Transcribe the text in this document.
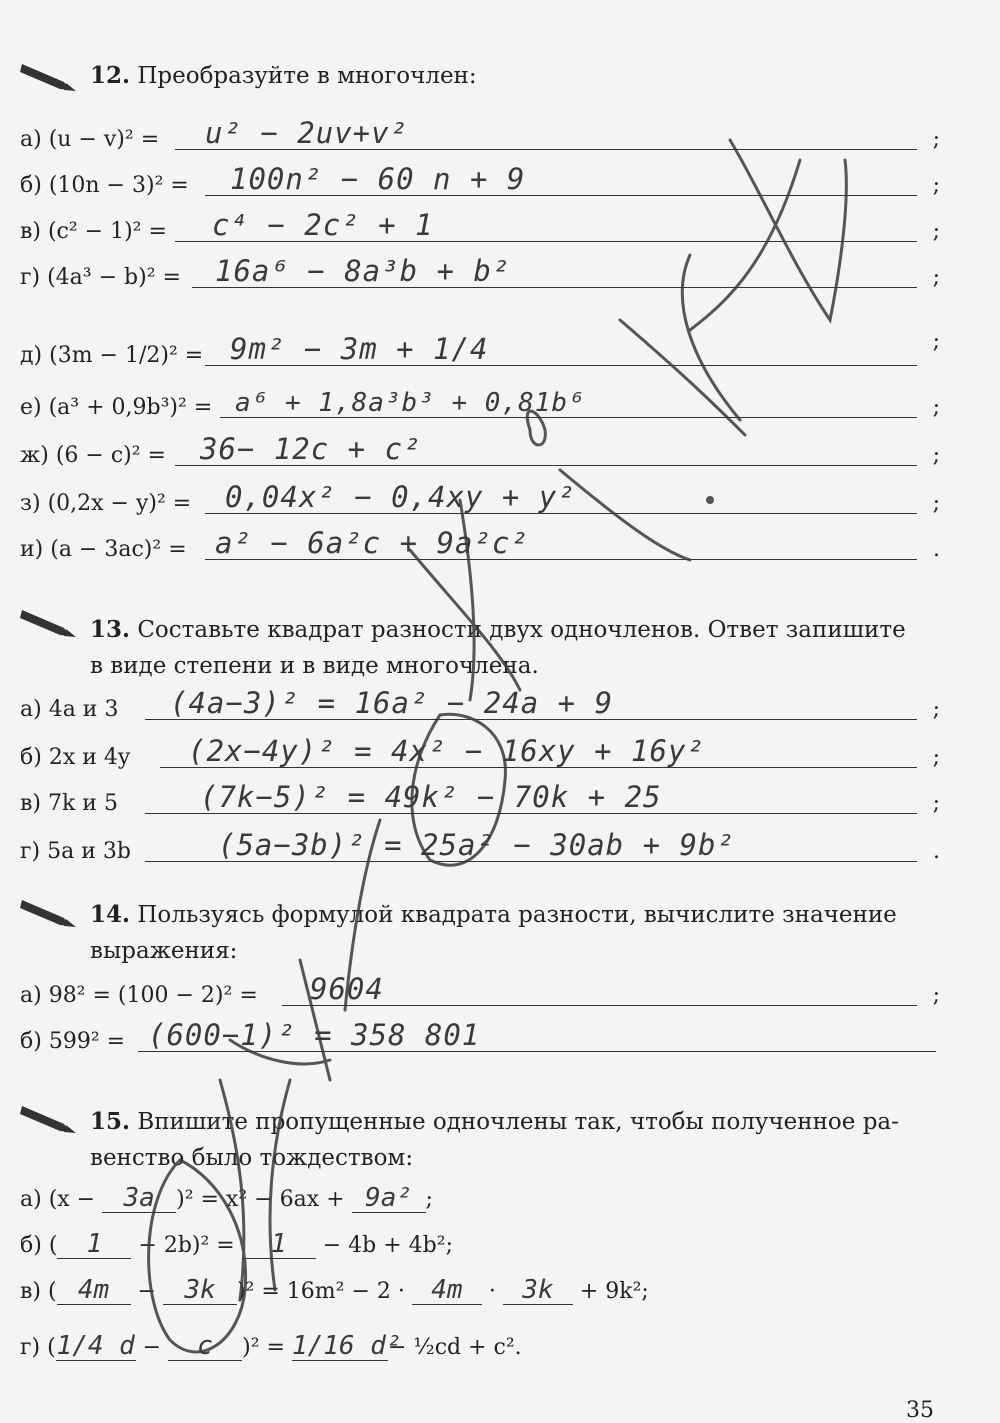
12. Преобразуйте в многочлен:
а) (u − v)² = u² − 2uv+v²	;
б) (10n − 3)² = 100n² − 60 n + 9	;
в) (c² − 1)² = c⁴ − 2c² + 1	;
г) (4a³ − b)² = 16a⁶ − 8a³b + b²	;
д) (3m − 1/2)² = 9m² − 3m + 1/4	;
е) (a³ + 0,9b³)² = a⁶ + 1,8a³b³ + 0,81b⁶	;
ж) (6 − c)² = 36− 12c + c²	;
з) (0,2x − y)² = 0,04x² − 0,4xy + y²	;
и) (a − 3ac)² = a² − 6a²c + 9a²c²	.
13. Составьте квадрат разности двух одночленов. Ответ запишите
в виде степени и в виде многочлена.
а) 4a и 3 (4a−3)² = 16a² − 24a + 9	;
б) 2x и 4y (2x−4y)² = 4x² − 16xy + 16y²	;
в) 7k и 5	(7k−5)² = 49k² − 70k + 25	;
г) 5a и 3b	(5a−3b)² = 25a² − 30ab + 9b²	.
14. Пользуясь формулой квадрата разности, вычислите значение
выражения:
а) 98² = (100 − 2)² = 9604	;
б) 599² = (600−1)² = 358 801
15. Впишите пропущенные одночлены так, чтобы полученное ра-
венство было тождеством:
а) (x − 3a )² = x² − 6ax + 9a² ;
б) ( 1 − 2b)² = 1 − 4b + 4b²;
в) ( 4m − 3k )² = 16m² − 2 · 4m · 3k + 9k²;
г) (1/4 d − c )² = 1/16 d²− ½cd + c².
35
